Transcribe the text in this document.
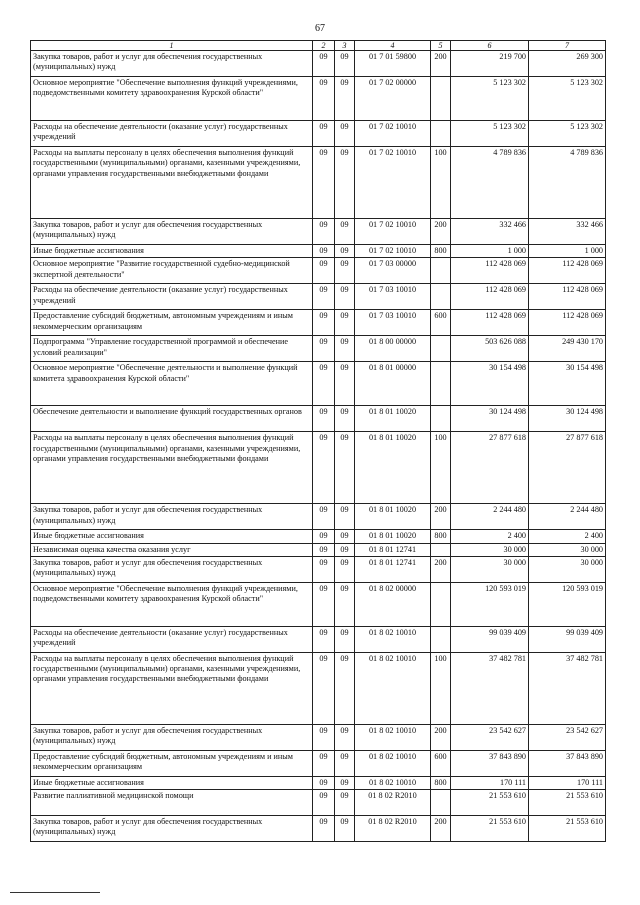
67
1	2	3	4	5	6	7
Закупка товаров, работ и услуг для обеспечения государственных (муниципальных) нужд	09	09	01 7 01 59800	200	219 700	269 300
Основное мероприятие "Обеспечение выполнения функций учреждениями, подведомственными комитету здравоохранения Курской области"	09	09	01 7 02 00000		5 123 302	5 123 302
Расходы на обеспечение деятельности (оказание услуг) государственных учреждений	09	09	01 7 02 10010		5 123 302	5 123 302
Расходы на выплаты персоналу в целях обеспечения выполнения функций государственными (муниципальными) органами, казенными учреждениями, органами управления государственными внебюджетными фондами	09	09	01 7 02 10010	100	4 789 836	4 789 836
Закупка товаров, работ и услуг для обеспечения государственных (муниципальных) нужд	09	09	01 7 02 10010	200	332 466	332 466
Иные бюджетные ассигнования	09	09	01 7 02 10010	800	1 000	1 000
Основное мероприятие "Развитие государственной судебно-медицинской экспертной деятельности"	09	09	01 7 03 00000		112 428 069	112 428 069
Расходы на обеспечение деятельности (оказание услуг) государственных учреждений	09	09	01 7 03 10010		112 428 069	112 428 069
Предоставление субсидий бюджетным, автономным учреждениям и иным некоммерческим организациям	09	09	01 7 03 10010	600	112 428 069	112 428 069
Подпрограмма "Управление государственной программой и обеспечение условий реализации"	09	09	01 8 00 00000		503 626 088	249 430 170
Основное мероприятие "Обеспечение деятельности и выполнение функций комитета здравоохранения Курской области"	09	09	01 8 01 00000		30 154 498	30 154 498
Обеспечение деятельности и выполнение функций государственных органов	09	09	01 8 01 10020		30 124 498	30 124 498
Расходы на выплаты персоналу в целях обеспечения выполнения функций государственными (муниципальными) органами, казенными учреждениями, органами управления государственными внебюджетными фондами	09	09	01 8 01 10020	100	27 877 618	27 877 618
Закупка товаров, работ и услуг для обеспечения государственных (муниципальных) нужд	09	09	01 8 01 10020	200	2 244 480	2 244 480
Иные бюджетные ассигнования	09	09	01 8 01 10020	800	2 400	2 400
Независимая оценка качества оказания услуг	09	09	01 8 01 12741		30 000	30 000
Закупка товаров, работ и услуг для обеспечения государственных (муниципальных) нужд	09	09	01 8 01 12741	200	30 000	30 000
Основное мероприятие "Обеспечение выполнения функций учреждениями, подведомственными комитету здравоохранения Курской области"	09	09	01 8 02 00000		120 593 019	120 593 019
Расходы на обеспечение деятельности (оказание услуг) государственных учреждений	09	09	01 8 02 10010		99 039 409	99 039 409
Расходы на выплаты персоналу в целях обеспечения выполнения функций государственными (муниципальными) органами, казенными учреждениями, органами управления государственными внебюджетными фондами	09	09	01 8 02 10010	100	37 482 781	37 482 781
Закупка товаров, работ и услуг для обеспечения государственных (муниципальных) нужд	09	09	01 8 02 10010	200	23 542 627	23 542 627
Предоставление субсидий бюджетным, автономным учреждениям и иным некоммерческим организациям	09	09	01 8 02 10010	600	37 843 890	37 843 890
Иные бюджетные ассигнования	09	09	01 8 02 10010	800	170 111	170 111
Развитие паллиативной медицинской помощи	09	09	01 8 02 R2010		21 553 610	21 553 610
Закупка товаров, работ и услуг для обеспечения государственных (муниципальных) нужд	09	09	01 8 02 R2010	200	21 553 610	21 553 610
